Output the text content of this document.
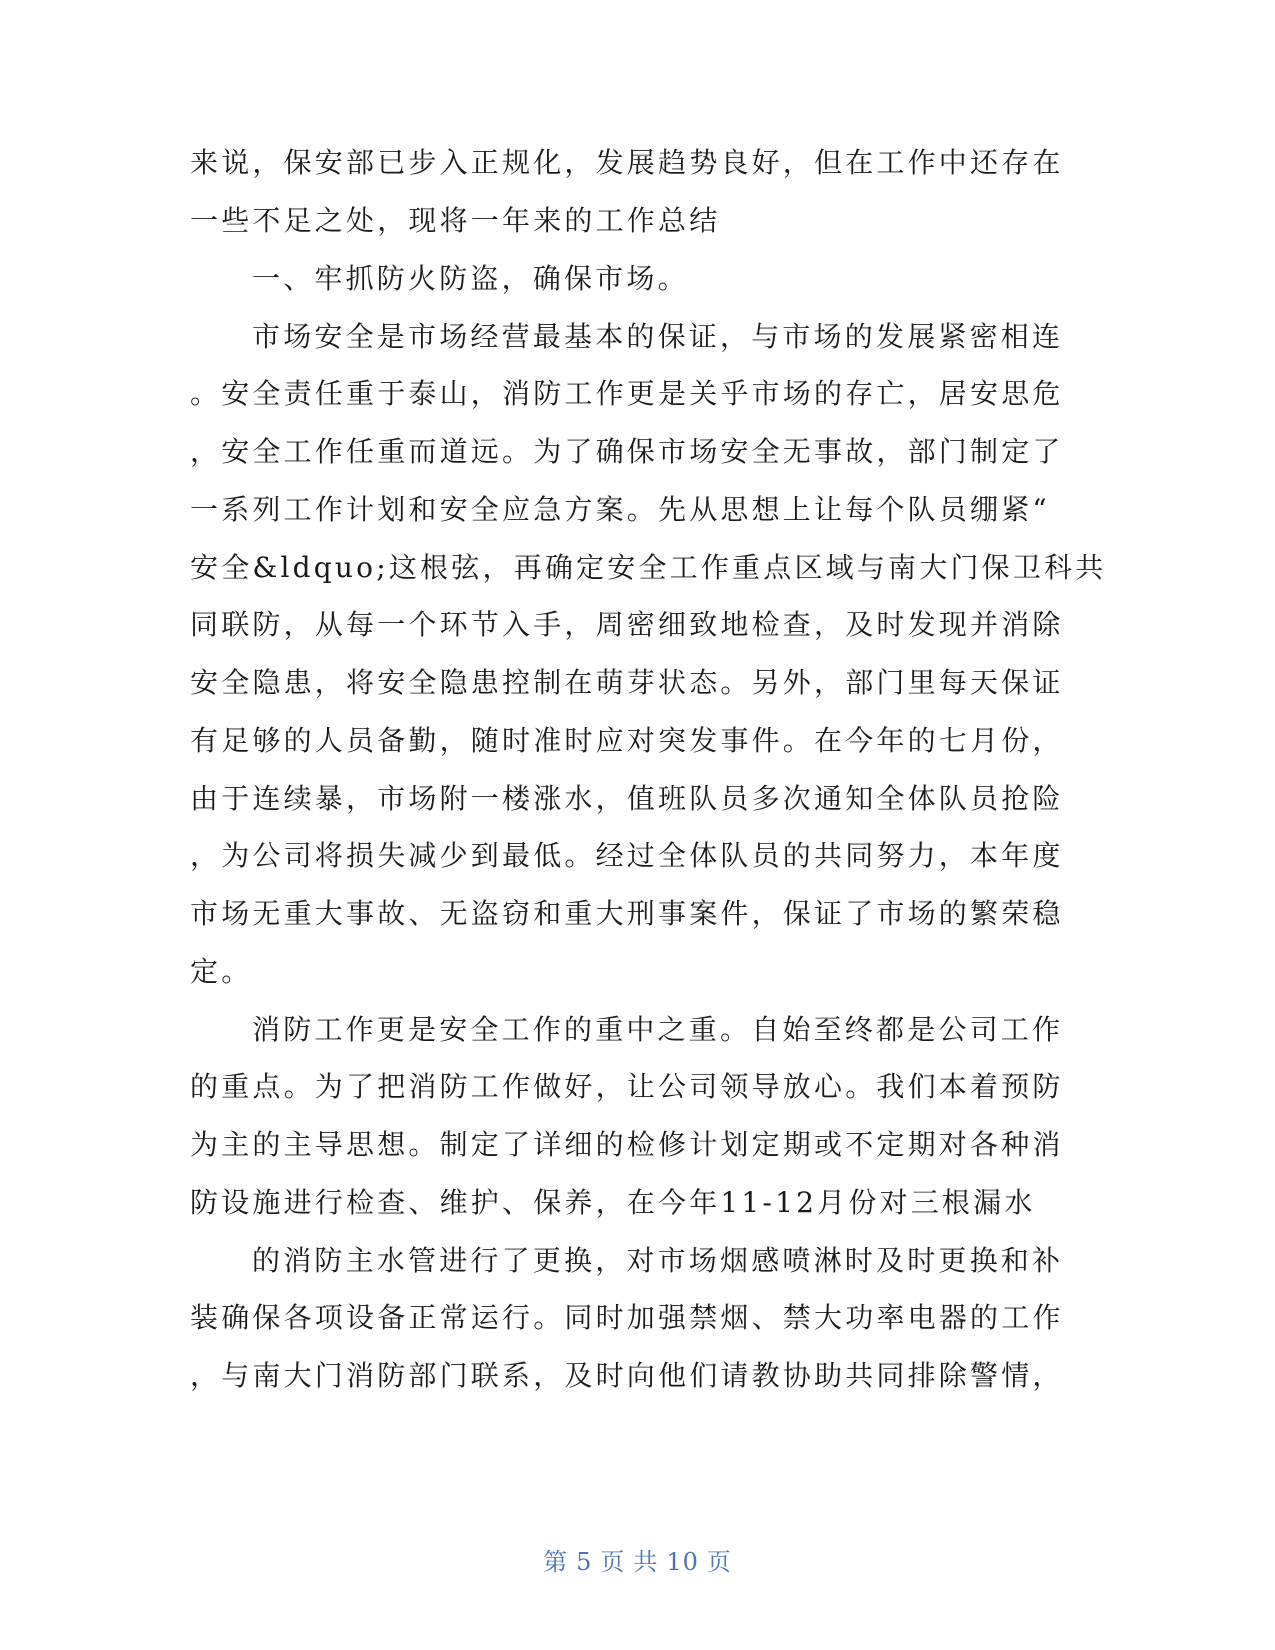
来说，保安部已步入正规化，发展趋势良好，但在工作中还存在
一些不足之处，现将一年来的工作总结
一、牢抓防火防盗，确保市场。
市场安全是市场经营最基本的保证，与市场的发展紧密相连
。安全责任重于泰山，消防工作更是关乎市场的存亡，居安思危
，安全工作任重而道远。为了确保市场安全无事故，部门制定了
一系列工作计划和安全应急方案。先从思想上让每个队员绷紧“
安全&ldquo;这根弦，再确定安全工作重点区域与南大门保卫科共
同联防，从每一个环节入手，周密细致地检查，及时发现并消除
安全隐患，将安全隐患控制在萌芽状态。另外，部门里每天保证
有足够的人员备勤，随时准时应对突发事件。在今年的七月份，
由于连续暴，市场附一楼涨水，值班队员多次通知全体队员抢险
，为公司将损失减少到最低。经过全体队员的共同努力，本年度
市场无重大事故、无盗窃和重大刑事案件，保证了市场的繁荣稳
定。
消防工作更是安全工作的重中之重。自始至终都是公司工作
的重点。为了把消防工作做好，让公司领导放心。我们本着预防
为主的主导思想。制定了详细的检修计划定期或不定期对各种消
防设施进行检查、维护、保养，在今年11-12月份对三根漏水
的消防主水管进行了更换，对市场烟感喷淋时及时更换和补
装确保各项设备正常运行。同时加强禁烟、禁大功率电器的工作
，与南大门消防部门联系，及时向他们请教协助共同排除警情，
第 5 页 共 10 页
